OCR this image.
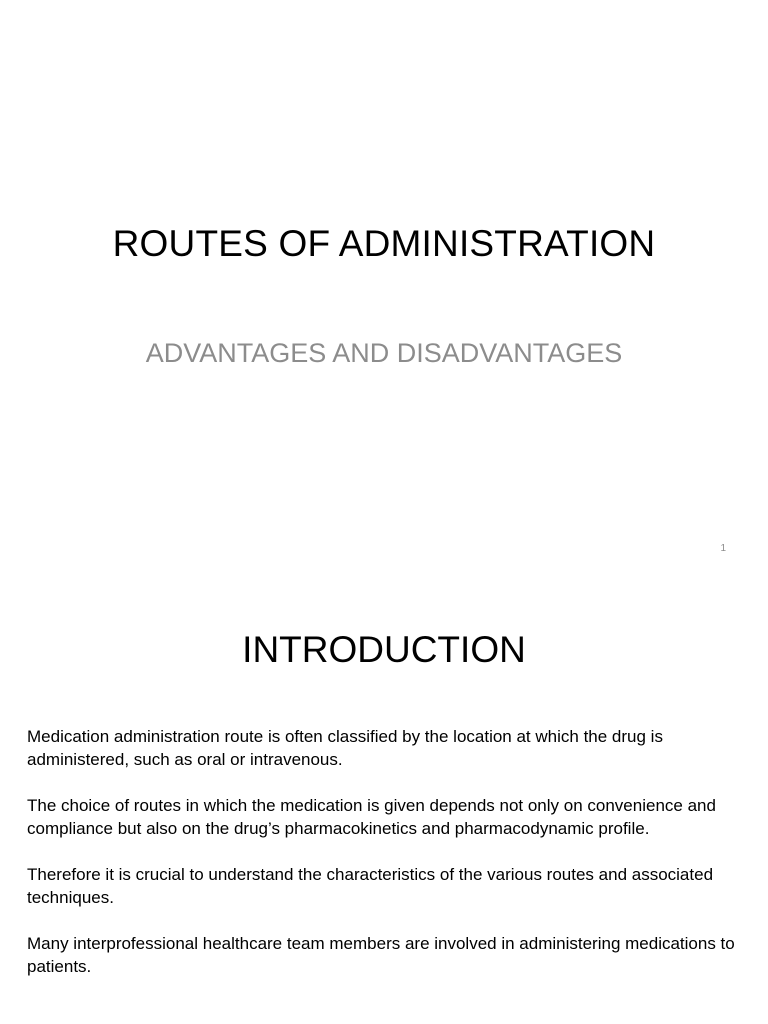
ROUTES OF ADMINISTRATION
ADVANTAGES AND DISADVANTAGES
1
INTRODUCTION

Medication administration route is often classified by the location at which the drug is administered, such as oral or intravenous.

The choice of routes in which the medication is given depends not only on convenience and compliance but also on the drug’s pharmacokinetics and pharmacodynamic profile.

Therefore it is crucial to understand the characteristics of the various routes and associated techniques.

Many interprofessional healthcare team members are involved in administering medications to patients.
